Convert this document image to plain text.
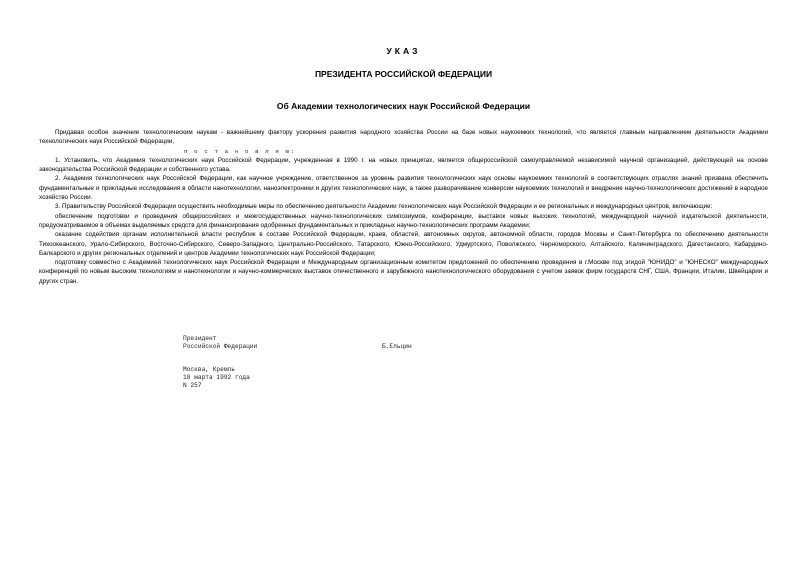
УКАЗ
ПРЕЗИДЕНТА РОССИЙСКОЙ ФЕДЕРАЦИИ
Об Академии технологических наук Российской Федерации

Придавая особое значение технологическим наукам - важнейшему фактору ускорения развития народного хозяйства России на базе новых наукоемких технологий, что является главным направлением деятельности Академии технологических наук Российской Федерации,

п о с т а н о в л я ю:

1. Установить, что Академия технологических наук Российской Федерации, учрежденная в 1990 г. на новых принципах, является общероссийской самоуправляемой независимой научной организацией, действующей на основе законодательства Российской Федерации и собственного устава.

2. Академия технологических наук Российской Федерации, как научное учреждение, ответственное за уровень развития технологических наук основы наукоемких технологий в соответствующих отраслях знаний призвана обеспечить фундаментальные и прикладные исследования в области нанотехнологии, наноэлектроники и других технологических наук, а также разворачивание конверсии наукоемких технологий и внедрение научно-технологических достижений в народное хозяйство России.

3. Правительству Российской Федерации осуществить необходимые меры по обеспечению деятельности Академии технологических наук Российской Федерации и ее региональных и международных центров, включающие:

обеспечение подготовки и проведения общероссийских и межгосударственных научно-технологических симпозиумов, конференции, выставок новых высоких технологий, международной научной издательской деятельности, предусматриваемое в объемах выделяемых средств для финансирования одобренных фундаментальных и прикладных научно-технологических программ Академии;

оказание содействия органам исполнительной власти республик в составе Российской Федерации, краев, областей, автономных округов, автономной области, городов Москвы и Санкт-Петербурга по обеспечению деятельности Тихоокеанского, Урало-Сибирского, Восточно-Сибирского, Северо-Западного, Центрально-Российского, Татарского, Южно-Российского, Удмуртского, Поволжского, Черноморского, Алтайского, Калининградского, Дагестанского, Кабардино-Балкарского и других региональных отделений и центров Академии технологических наук Российской Федерации;

подготовку совместно с Академией технологических наук Российской Федерации и Международным организационным комитетом предложений по обеспечению проведения в г.Москве под эгидой "ЮНИДО" и "ЮНЕСКО" международных конференций по новым высоким технологиям и нанотехнологии и научно-коммерческих выставок отечественного и зарубежного нанотехнологического оборудования с учетом заявок фирм государств СНГ, США, Франции, Италии, Швейцарии и других стран.

Президент
Российской Федерации	Б.Ельцин
Москва, Кремль
18 марта 1992 года
N 257
